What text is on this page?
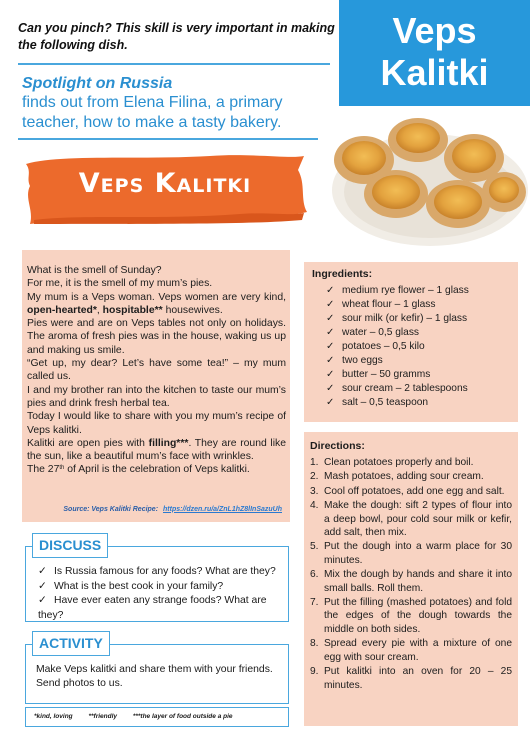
Can you pinch? This skill is very important in making the following dish.
Spotlight on Russia
finds out from Elena Filina, a primary teacher, how to make a tasty bakery.
Veps
Kalitki
Veps Kalitki

What is the smell of Sunday?

For me, it is the smell of my mum’s pies.

My mum is a Veps woman. Veps women are very kind, open-hearted*, hospitable** housewives.

Pies were and are on Veps tables not only on holidays. The aroma of fresh pies was in the house, waking us up and making us smile.

“Get up, my dear? Let’s have some tea!” – my mum called us.

I and my brother ran into the kitchen to taste our mum’s pies and drink fresh herbal tea.

Today I would like to share with you my mum’s recipe of Veps kalitki.

Kalitki are open pies with filling***. They are round like the sun, like a beautiful mum’s face with wrinkles.

The 27th of April is the celebration of Veps kalitki.

Source: Veps Kalitki Recipe: https://dzen.ru/a/ZnL1hZ8lInSazuUh
Ingredients:
✓ medium rye flower – 1 glass
✓ wheat flour – 1 glass
✓ sour milk (or kefir) – 1 glass
✓ water – 0,5 glass
✓ potatoes – 0,5 kilo
✓ two eggs
✓ butter – 50 gramms
✓ sour cream – 2 tablespoons
✓ salt – 0,5 teaspoon
Directions:
1. Clean potatoes properly and boil.
2. Mash potatoes, adding sour cream.
3. Cool off potatoes, add one egg and salt.
4. Make the dough: sift 2 types of flour into a deep bowl, pour cold sour milk or kefir, add salt, then mix.
5. Put the dough into a warm place for 30 minutes.
6. Mix the dough by hands and share it into small balls. Roll them.
7. Put the filling (mashed potatoes) and fold the edges of the dough towards the middle on both sides.
8. Spread every pie with a mixture of one egg with sour cream.
9. Put kalitki into an oven for 20 – 25 minutes.
DISCUSS
✓ Is Russia famous for any foods? What are they?
✓ What is the best cook in your family?
✓ Have ever eaten any strange foods? What are they?
ACTIVITY

Make Veps kalitki and share them with your friends. Send photos to us.

*kind, loving **friendly ***the layer of food outside a pie
